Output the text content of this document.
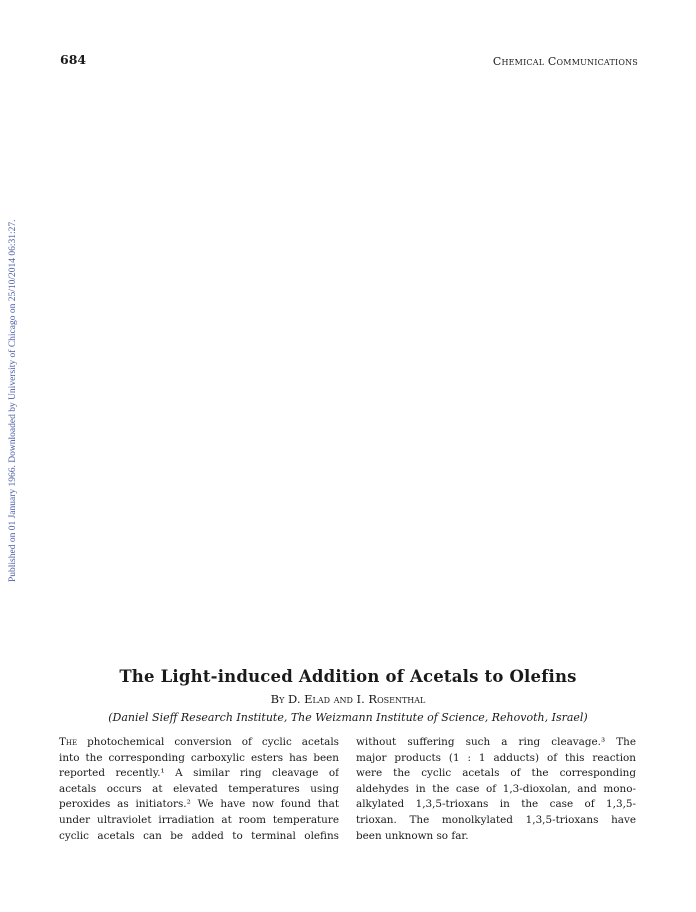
684	Chemical Communications
Published on 01 January 1966. Downloaded by University of Chicago on 25/10/2014 06:31:27.
The Light-induced Addition of Acetals to Olefins
By D. Elad and I. Rosenthal
(Daniel Sieff Research Institute, The Weizmann Institute of Science, Rehovoth, Israel)
The photochemical conversion of cyclic acetals
into the corresponding carboxylic esters has been
reported recently.¹ A similar ring cleavage of
acetals occurs at elevated temperatures using
peroxides as initiators.² We have now found that
under ultraviolet irradiation at room temperature
cyclic acetals can be added to terminal olefins
without suffering such a ring cleavage.³ The
major products (1 : 1 adducts) of this reaction
were the cyclic acetals of the corresponding
aldehydes in the case of 1,3-dioxolan, and mono-
alkylated 1,3,5-trioxans in the case of 1,3,5-
trioxan. The monolkylated 1,3,5-trioxans have
been unknown so far.
